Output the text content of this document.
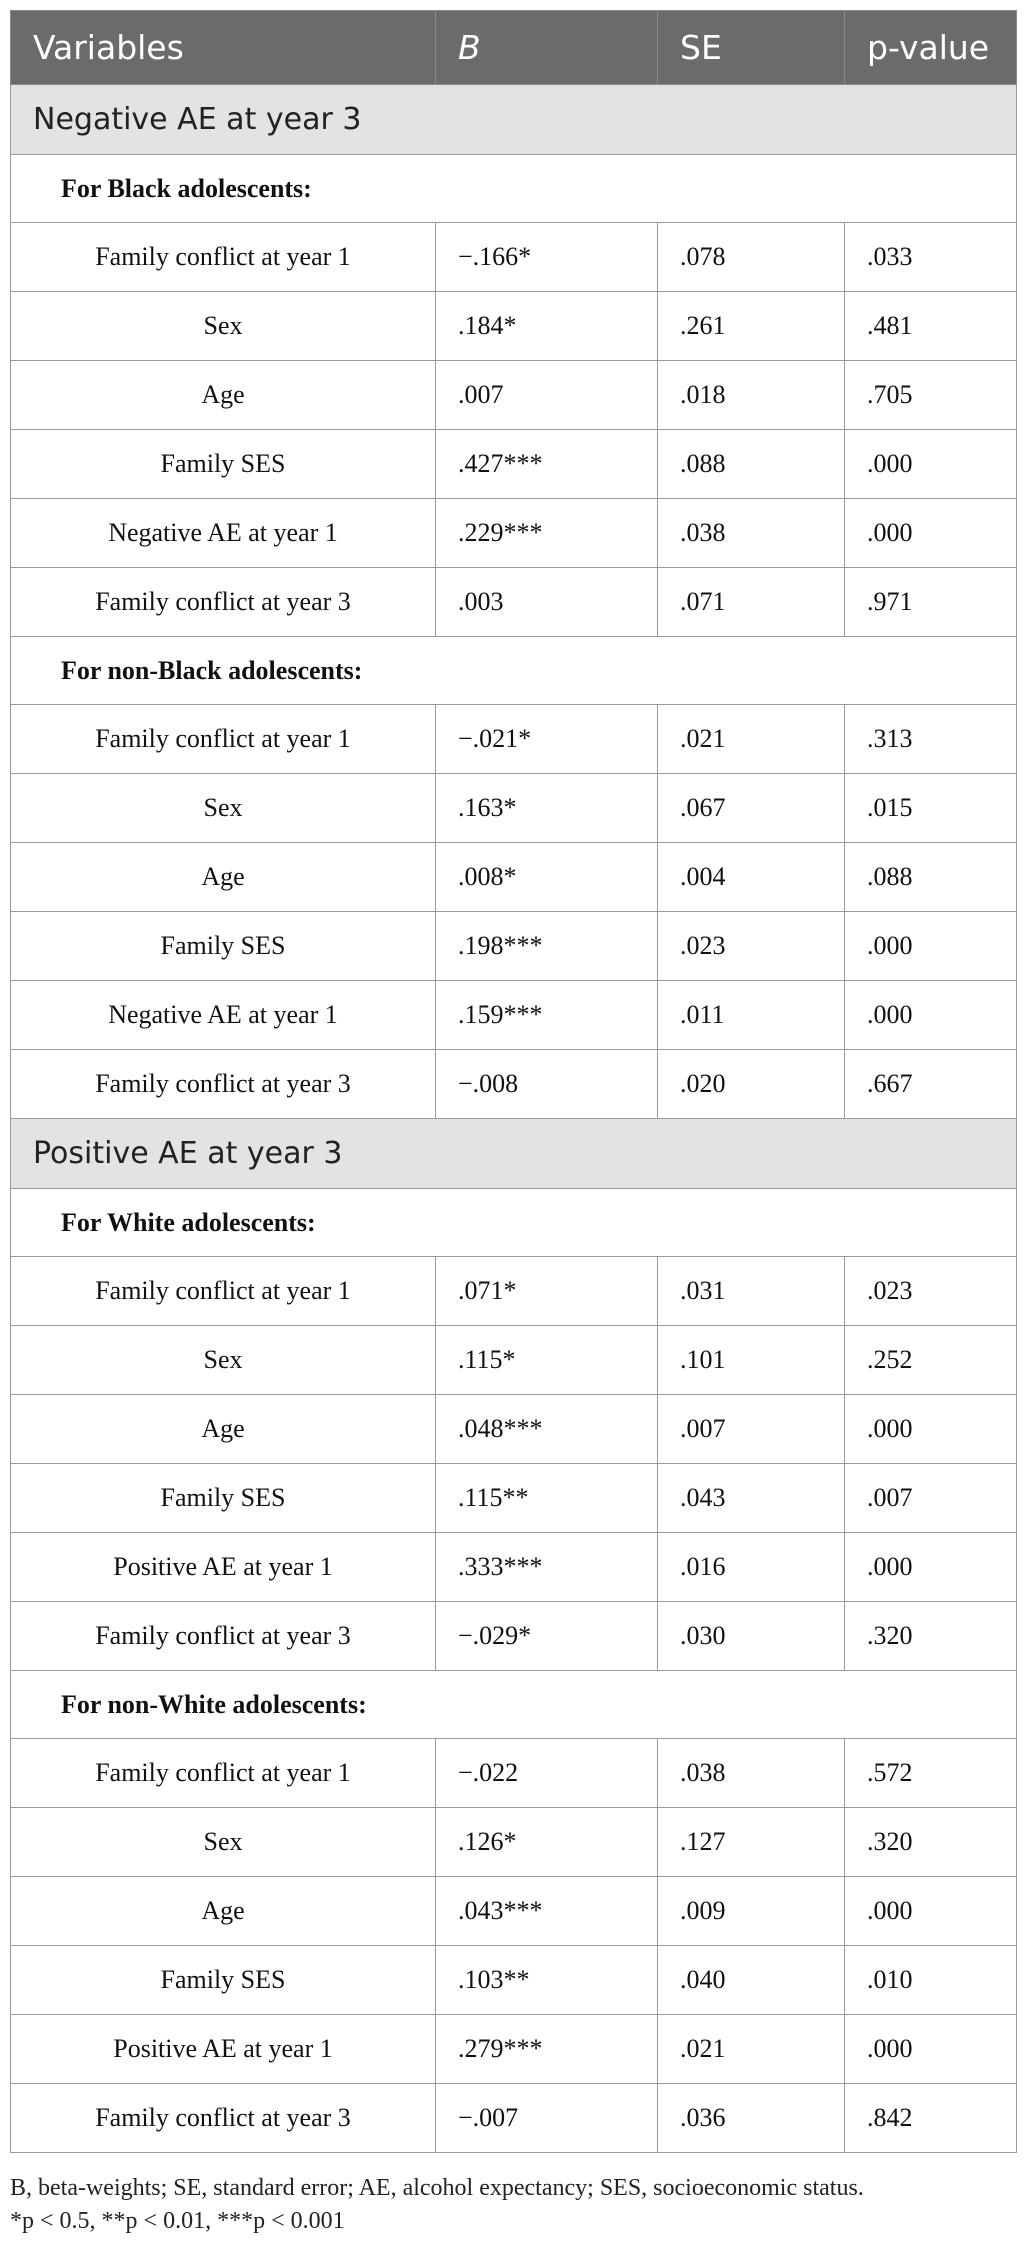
Variables	B	SE	p-value
Negative AE at year 3			
For Black adolescents:			
Family conflict at year 1	−.166*	.078	.033
Sex	.184*	.261	.481
Age	.007	.018	.705
Family SES	.427***	.088	.000
Negative AE at year 1	.229***	.038	.000
Family conflict at year 3	.003	.071	.971
For non-Black adolescents:			
Family conflict at year 1	−.021*	.021	.313
Sex	.163*	.067	.015
Age	.008*	.004	.088
Family SES	.198***	.023	.000
Negative AE at year 1	.159***	.011	.000
Family conflict at year 3	−.008	.020	.667
Positive AE at year 3			
For White adolescents:			
Family conflict at year 1	.071*	.031	.023
Sex	.115*	.101	.252
Age	.048***	.007	.000
Family SES	.115**	.043	.007
Positive AE at year 1	.333***	.016	.000
Family conflict at year 3	−.029*	.030	.320
For non-White adolescents:			
Family conflict at year 1	−.022	.038	.572
Sex	.126*	.127	.320
Age	.043***	.009	.000
Family SES	.103**	.040	.010
Positive AE at year 1	.279***	.021	.000
Family conflict at year 3	−.007	.036	.842
B, beta-weights; SE, standard error; AE, alcohol expectancy; SES, socioeconomic status.
*p < 0.5, **p < 0.01, ***p < 0.001
